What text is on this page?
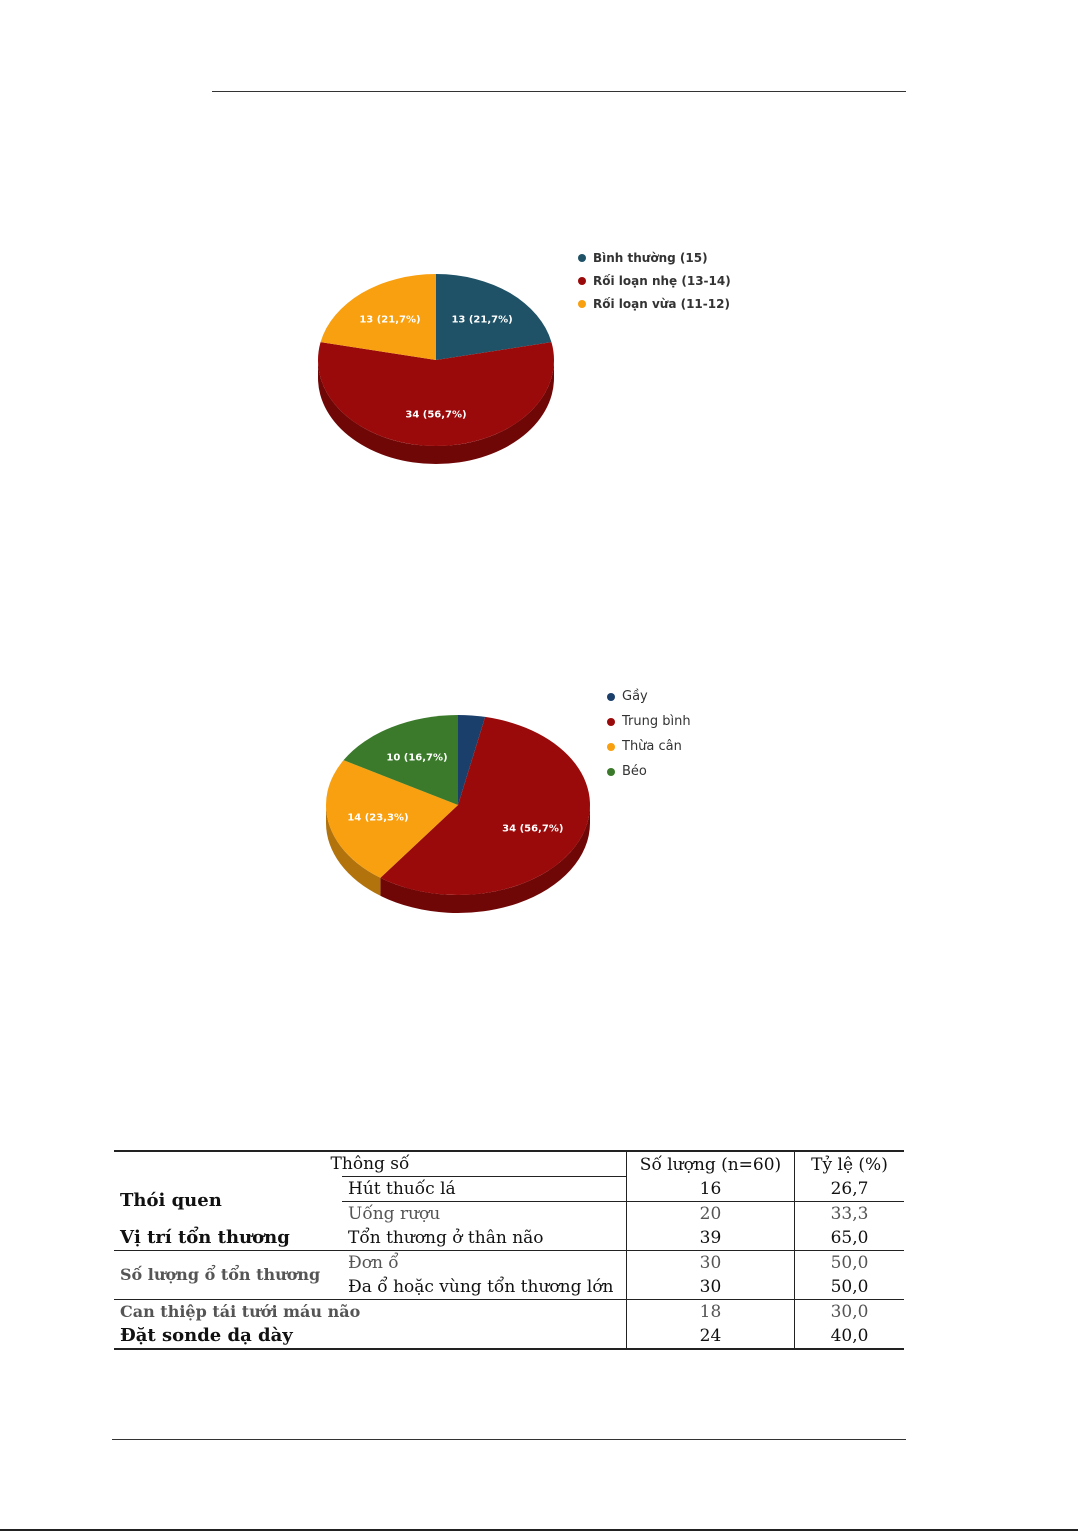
13 (21,7%)
34 (56,7%)
13 (21,7%)
Bình thường (15)
Rối loạn nhẹ (13-14)
Rối loạn vừa (11-12)
34 (56,7%)
14 (23,3%)
10 (16,7%)
Gầy
Trung bình
Thừa cân
Béo
Thông số		Số lượng (n=60)	Tỷ lệ (%)
Thói quen	Hút thuốc lá	16	26,7
	Uống rượu	20	33,3
Vị trí tổn thương	Tổn thương ở thân não	39	65,0
Số lượng ổ tổn thương	Đơn ổ	30	50,0
	Đa ổ hoặc vùng tổn thương lớn	30	50,0
Can thiệp tái tưới máu não		18	30,0
Đặt sonde dạ dày		24	40,0
